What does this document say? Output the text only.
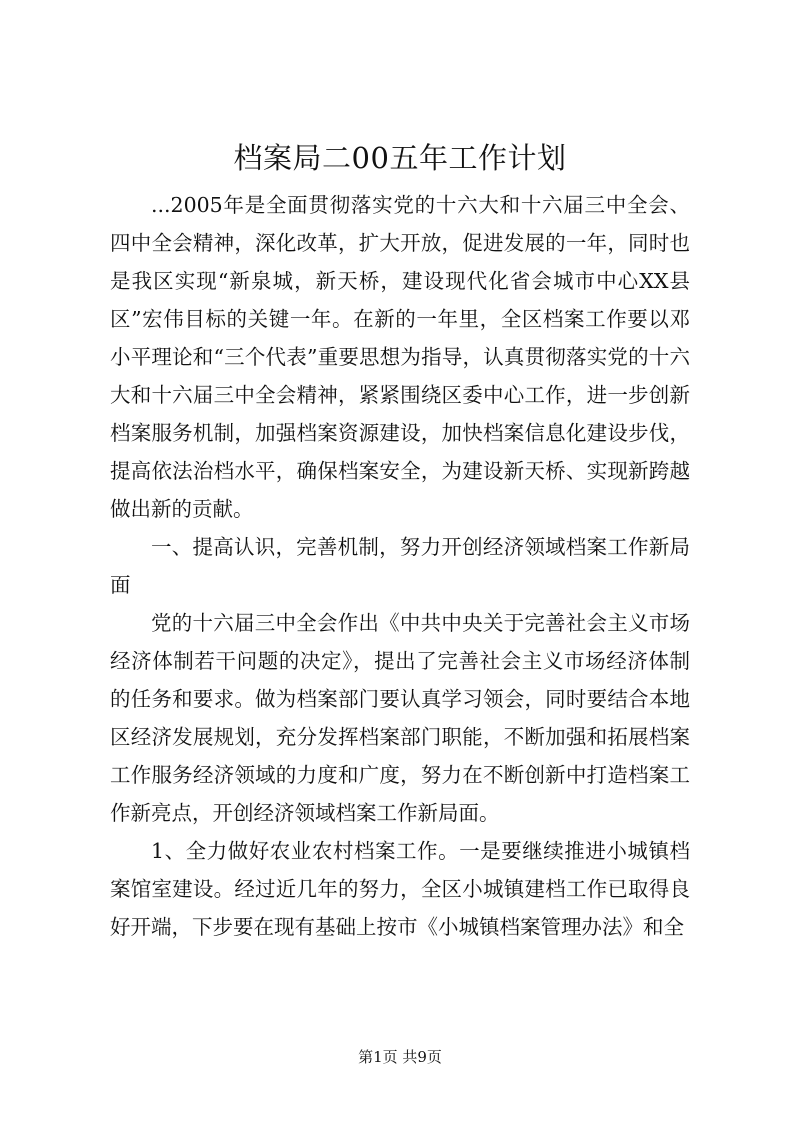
档案局二00五年工作计划

...2005年是全面贯彻落实党的十六大和十六届三中全会、四中全会精神，深化改革，扩大开放，促进发展的一年，同时也是我区实现“新泉城，新天桥，建设现代化省会城市中心XX县区”宏伟目标的关键一年。在新的一年里，全区档案工作要以邓小平理论和“三个代表”重要思想为指导，认真贯彻落实党的十六大和十六届三中全会精神，紧紧围绕区委中心工作，进一步创新档案服务机制，加强档案资源建设，加快档案信息化建设步伐，提高依法治档水平，确保档案安全，为建设新天桥、实现新跨越做出新的贡献。

一、提高认识，完善机制，努力开创经济领域档案工作新局面

党的十六届三中全会作出《中共中央关于完善社会主义市场经济体制若干问题的决定》，提出了完善社会主义市场经济体制的任务和要求。做为档案部门要认真学习领会，同时要结合本地区经济发展规划，充分发挥档案部门职能，不断加强和拓展档案工作服务经济领域的力度和广度，努力在不断创新中打造档案工作新亮点，开创经济领域档案工作新局面。

1、全力做好农业农村档案工作。一是要继续推进小城镇档案馆室建设。经过近几年的努力，全区小城镇建档工作已取得良好开端，下步要在现有基础上按市《小城镇档案管理办法》和全

第1页 共9页
